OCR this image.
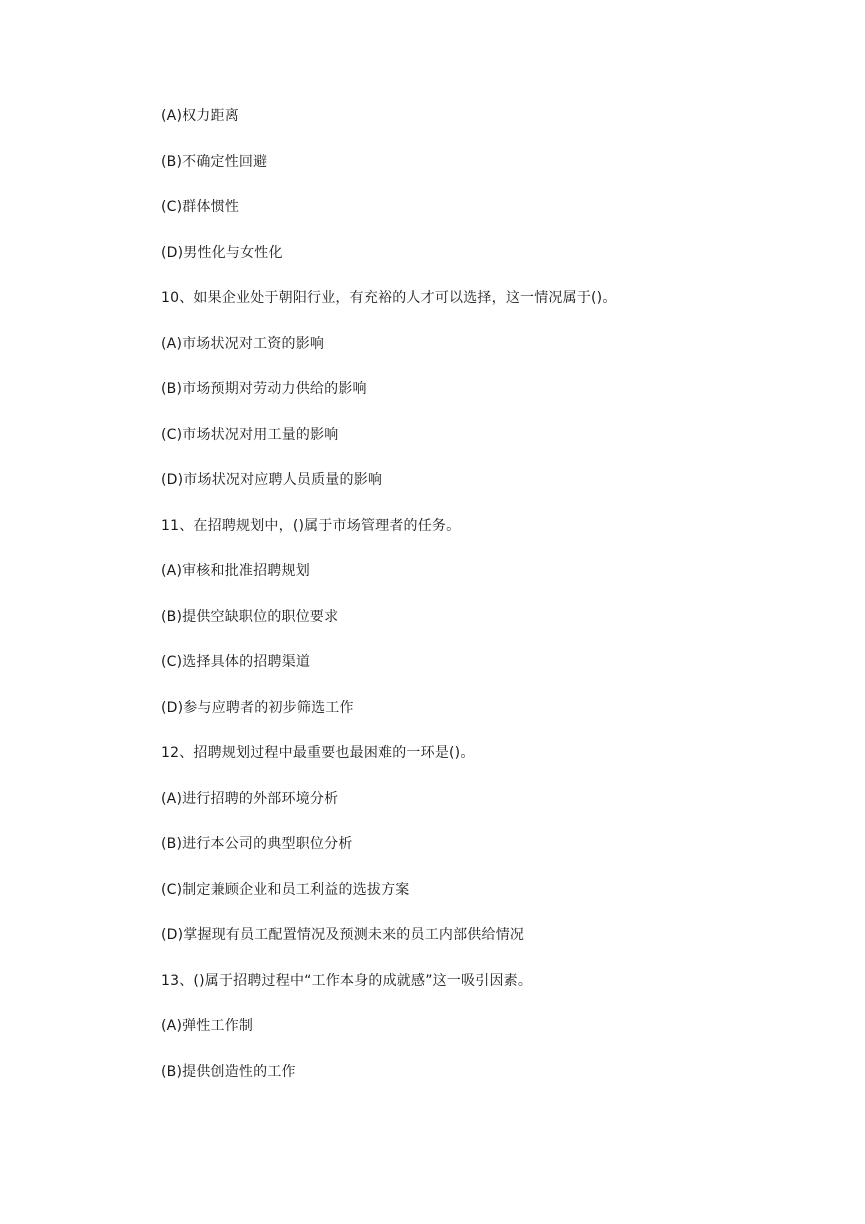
(A)权力距离
(B)不确定性回避
(C)群体惯性
(D)男性化与女性化
10、如果企业处于朝阳行业，有充裕的人才可以选择，这一情况属于()。
(A)市场状况对工资的影响
(B)市场预期对劳动力供给的影响
(C)市场状况对用工量的影响
(D)市场状况对应聘人员质量的影响
11、在招聘规划中，()属于市场管理者的任务。
(A)审核和批准招聘规划
(B)提供空缺职位的职位要求
(C)选择具体的招聘渠道
(D)参与应聘者的初步筛选工作
12、招聘规划过程中最重要也最困难的一环是()。
(A)进行招聘的外部环境分析
(B)进行本公司的典型职位分析
(C)制定兼顾企业和员工利益的选拔方案
(D)掌握现有员工配置情况及预测未来的员工内部供给情况
13、()属于招聘过程中“工作本身的成就感”这一吸引因素。
(A)弹性工作制
(B)提供创造性的工作
